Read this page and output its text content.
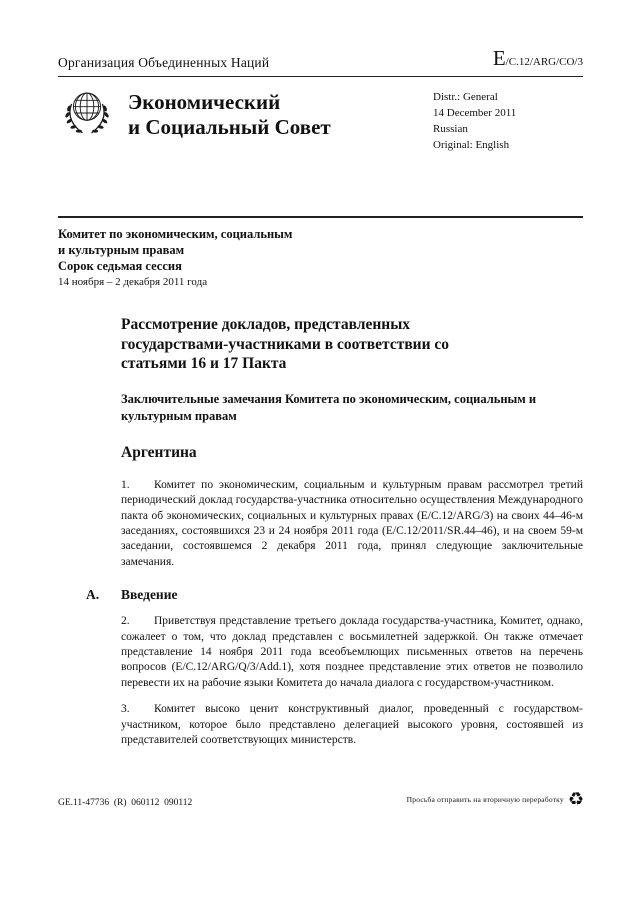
Организация Объединенных Наций	E/C.12/ARG/CO/3
Экономический
и Социальный Совет
Distr.: General
14 December 2011
Russian
Original: English
Комитет по экономическим, социальным
и культурным правам
Сорок седьмая сессия
14 ноября – 2 декабря 2011 года
Рассмотрение докладов, представленных государствами-участниками в соответствии со статьями 16 и 17 Пакта
Заключительные замечания Комитета по экономическим, социальным и культурным правам
Аргентина

1. Комитет по экономическим, социальным и культурным правам рассмотрел третий периодический доклад государства-участника относительно осуществления Международного пакта об экономических, социальных и культурных правах (E/C.12/ARG/3) на своих 44–46-м заседаниях, состоявшихся 23 и 24 ноября 2011 года (E/C.12/2011/SR.44–46), и на своем 59-м заседании, состоявшемся 2 декабря 2011 года, принял следующие заключительные замечания.

A.	Введение

2. Приветствуя представление третьего доклада государства-участника, Комитет, однако, сожалеет о том, что доклад представлен с восьмилетней задержкой. Он также отмечает представление 14 ноября 2011 года всеобъемлющих письменных ответов на перечень вопросов (E/C.12/ARG/Q/3/Add.1), хотя позднее представление этих ответов не позволило перевести их на рабочие языки Комитета до начала диалога с государством-участником.

3. Комитет высоко ценит конструктивный диалог, проведенный с государством-участником, которое было представлено делегацией высокого уровня, состоявшей из представителей соответствующих министерств.

GE.11-47736  (R)  060112  090112	Просьба отправить на вторичную переработку ♻
